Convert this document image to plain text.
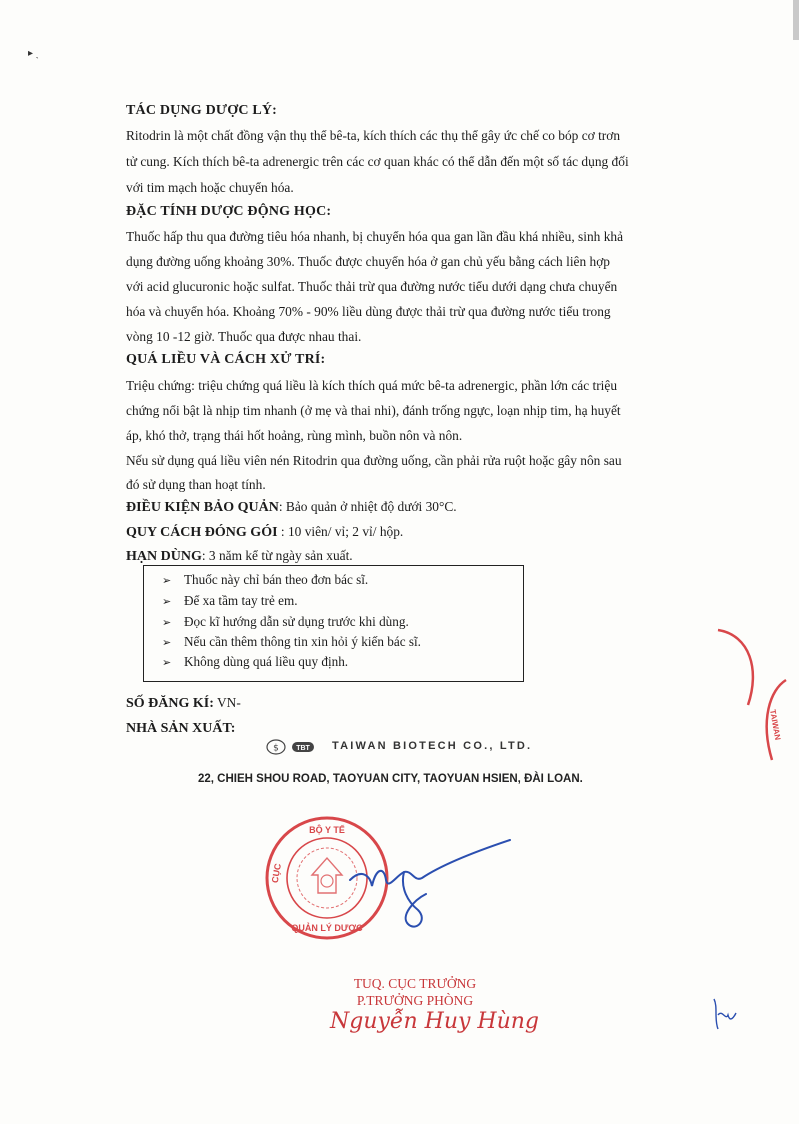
▸ ˎ
TÁC DỤNG DƯỢC LÝ:
Ritodrin là một chất đồng vận thụ thể bê-ta, kích thích các thụ thể gây ức chế co bóp cơ trơn
tử cung. Kích thích bê-ta adrenergic trên các cơ quan khác có thể dẫn đến một số tác dụng đối
với tim mạch hoặc chuyển hóa.
ĐẶC TÍNH DƯỢC ĐỘNG HỌC:
Thuốc hấp thu qua đường tiêu hóa nhanh, bị chuyển hóa qua gan lần đầu khá nhiều, sinh khả
dụng đường uống khoảng 30%. Thuốc được chuyển hóa ở gan chủ yếu bằng cách liên hợp
với acid glucuronic hoặc sulfat. Thuốc thải trừ qua đường nước tiểu dưới dạng chưa chuyển
hóa và chuyển hóa. Khoảng 70% - 90% liều dùng được thải trừ qua đường nước tiểu trong
vòng 10 -12 giờ. Thuốc qua được nhau thai.
QUÁ LIỀU VÀ CÁCH XỬ TRÍ:
Triệu chứng: triệu chứng quá liều là kích thích quá mức bê-ta adrenergic, phần lớn các triệu
chứng nổi bật là nhịp tim nhanh (ở mẹ và thai nhi), đánh trống ngực, loạn nhịp tim, hạ huyết
áp, khó thở, trạng thái hốt hoảng, rùng mình, buồn nôn và nôn.
Nếu sử dụng quá liều viên nén Ritodrin qua đường uống, cần phải rửa ruột hoặc gây nôn sau
đó sử dụng than hoạt tính.
ĐIỀU KIỆN BẢO QUẢN: Bảo quản ở nhiệt độ dưới 30°C.
QUY CÁCH ĐÓNG GÓI : 10 viên/ vỉ; 2 vỉ/ hộp.
HẠN DÙNG: 3 năm kể từ ngày sản xuất.
➢ Thuốc này chỉ bán theo đơn bác sĩ.
➢ Để xa tầm tay trẻ em.
➢ Đọc kĩ hướng dẫn sử dụng trước khi dùng.
➢ Nếu cần thêm thông tin xin hỏi ý kiến bác sĩ.
➢ Không dùng quá liều quy định.
SỐ ĐĂNG KÍ: VN-
NHÀ SẢN XUẤT:
$ TBT TAIWAN BIOTECH CO., LTD.
22, CHIEH SHOU ROAD, TAOYUAN CITY, TAOYUAN HSIEN, ĐÀI LOAN.
BỘ Y TẾ
CỤC
QUẢN LÝ DƯỢC
TUQ. CỤC TRƯỞNG
P.TRƯỞNG PHÒNG
Nguyễn Huy Hùng
TAIWAN
